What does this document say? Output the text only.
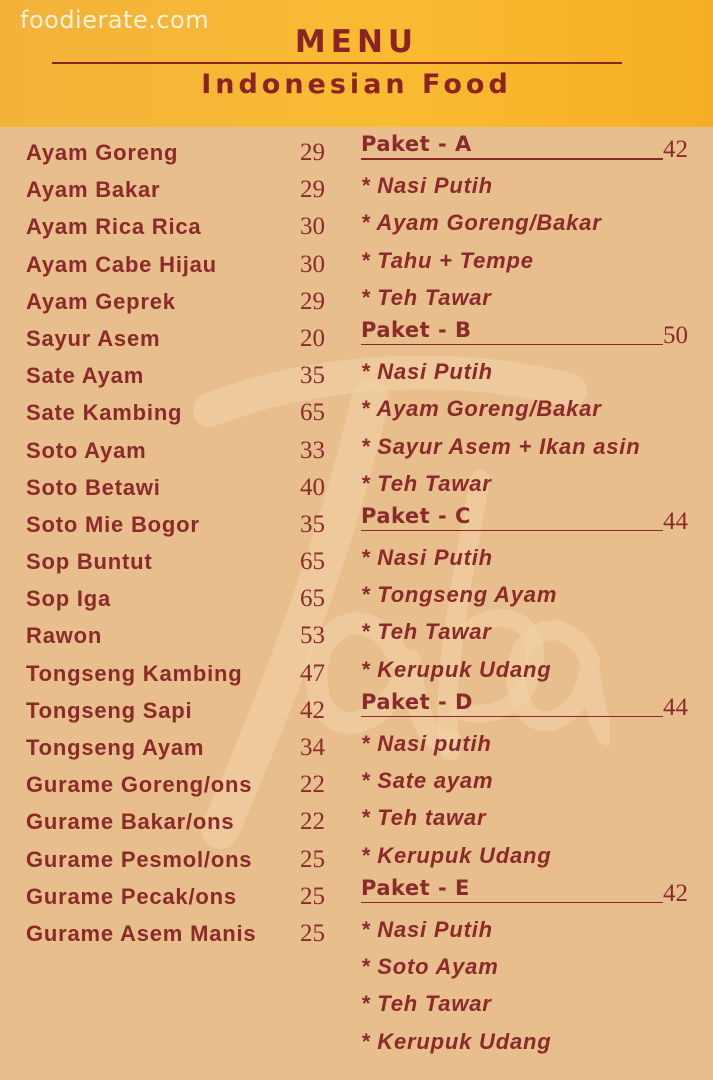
foodierate.com
MENU
Indonesian Food
Ayam Goreng	29
Ayam Bakar	29
Ayam Rica Rica	30
Ayam Cabe Hijau	30
Ayam Geprek	29
Sayur Asem	20
Sate Ayam	35
Sate Kambing	65
Soto Ayam	33
Soto Betawi	40
Soto Mie Bogor	35
Sop Buntut	65
Sop Iga	65
Rawon	53
Tongseng Kambing 47
Tongseng Sapi	42
Tongseng Ayam	34
Gurame Goreng/ons 22
Gurame Bakar/ons	22
Gurame Pesmol/ons 25
Gurame Pecak/ons	25
Gurame Asem Manis 25
Paket - A	42
* Nasi Putih
* Ayam Goreng/Bakar
* Tahu + Tempe
* Teh Tawar
Paket - B	50
* Nasi Putih
* Ayam Goreng/Bakar
* Sayur Asem + Ikan asin
* Teh Tawar
Paket - C	44
* Nasi Putih
* Tongseng Ayam
* Teh Tawar
* Kerupuk Udang
Paket - D	44
* Nasi putih
* Sate ayam
* Teh tawar
* Kerupuk Udang
Paket - E	42
* Nasi Putih
* Soto Ayam
* Teh Tawar
* Kerupuk Udang
